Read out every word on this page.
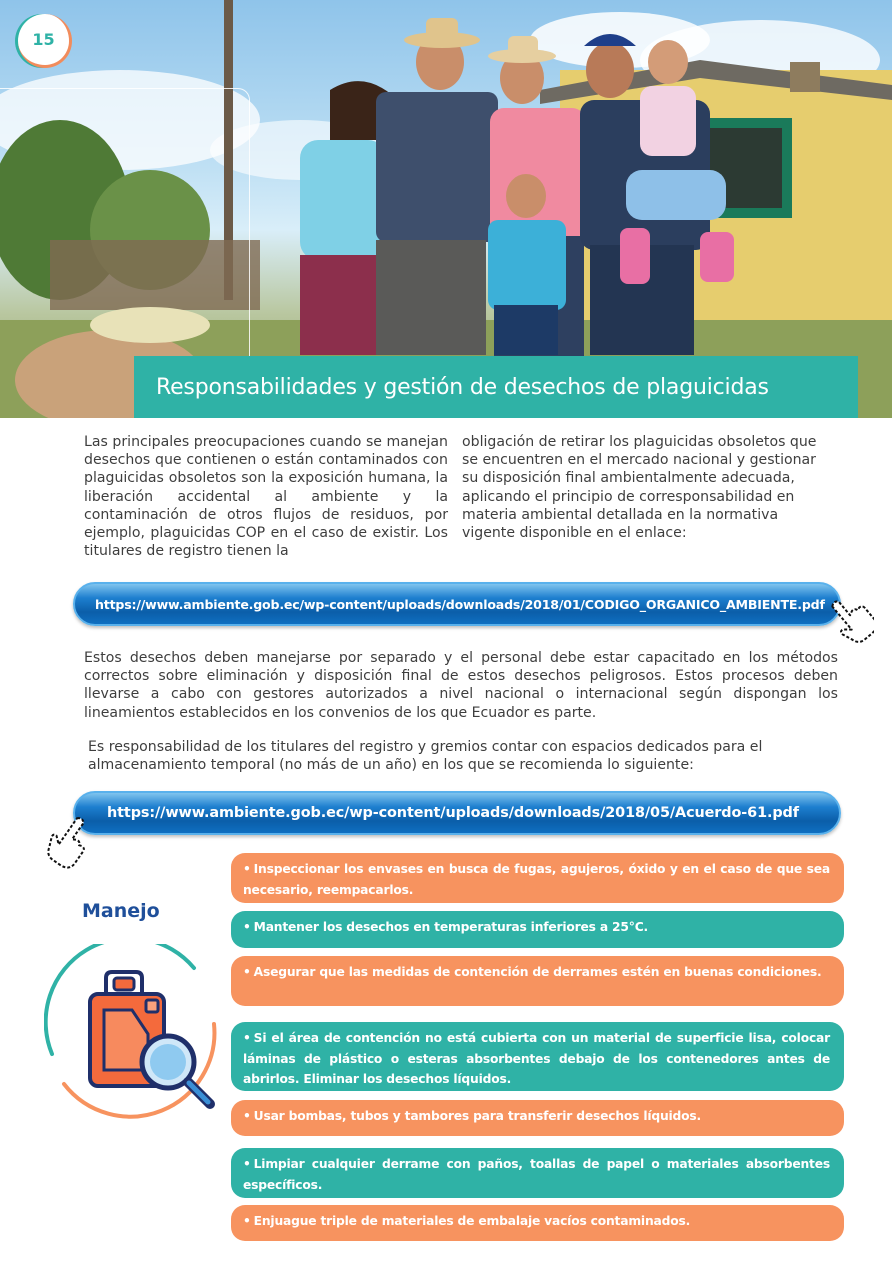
15
Responsabilidades y gestión de desechos de plaguicidas

Las principales preocupaciones cuando se manejan desechos que contienen o están contaminados con plaguicidas obsoletos son la exposición humana, la liberación accidental al ambiente y la contaminación de otros flujos de residuos, por ejemplo, plaguicidas COP en el caso de existir. Los titulares de registro tienen la

obligación de retirar los plaguicidas obsoletos que se encuentren en el mercado nacional y gestionar su disposición final ambientalmente adecuada, aplicando el principio de corresponsabilidad en materia ambiental detallada en la normativa vigente disponible en el enlace:

https://www.ambiente.gob.ec/wp-content/uploads/downloads/2018/01/CODIGO_ORGANICO_AMBIENTE.pdf

Estos desechos deben manejarse por separado y el personal debe estar capacitado en los métodos correctos sobre eliminación y disposición final de estos desechos peligrosos. Estos procesos deben llevarse a cabo con gestores autorizados a nivel nacional o internacional según dispongan los lineamientos establecidos en los convenios de los que Ecuador es parte.

Es responsabilidad de los titulares del registro y gremios contar con espacios dedicados para el almacenamiento temporal (no más de un año) en los que se recomienda lo siguiente:

https://www.ambiente.gob.ec/wp-content/uploads/downloads/2018/05/Acuerdo-61.pdf
Manejo
• Inspeccionar los envases en busca de fugas, agujeros, óxido y en el caso de que sea necesario, reempacarlos.
• Mantener los desechos en temperaturas inferiores a 25°C.
• Asegurar que las medidas de contención de derrames estén en buenas condiciones.
• Si el área de contención no está cubierta con un material de superficie lisa, colocar láminas de plástico o esteras absorbentes debajo de los contenedores antes de abrirlos. Eliminar los desechos líquidos.
• Usar bombas, tubos y tambores para transferir desechos líquidos.
• Limpiar cualquier derrame con paños, toallas de papel o materiales absorbentes específicos.
• Enjuague triple de materiales de embalaje vacíos contaminados.
